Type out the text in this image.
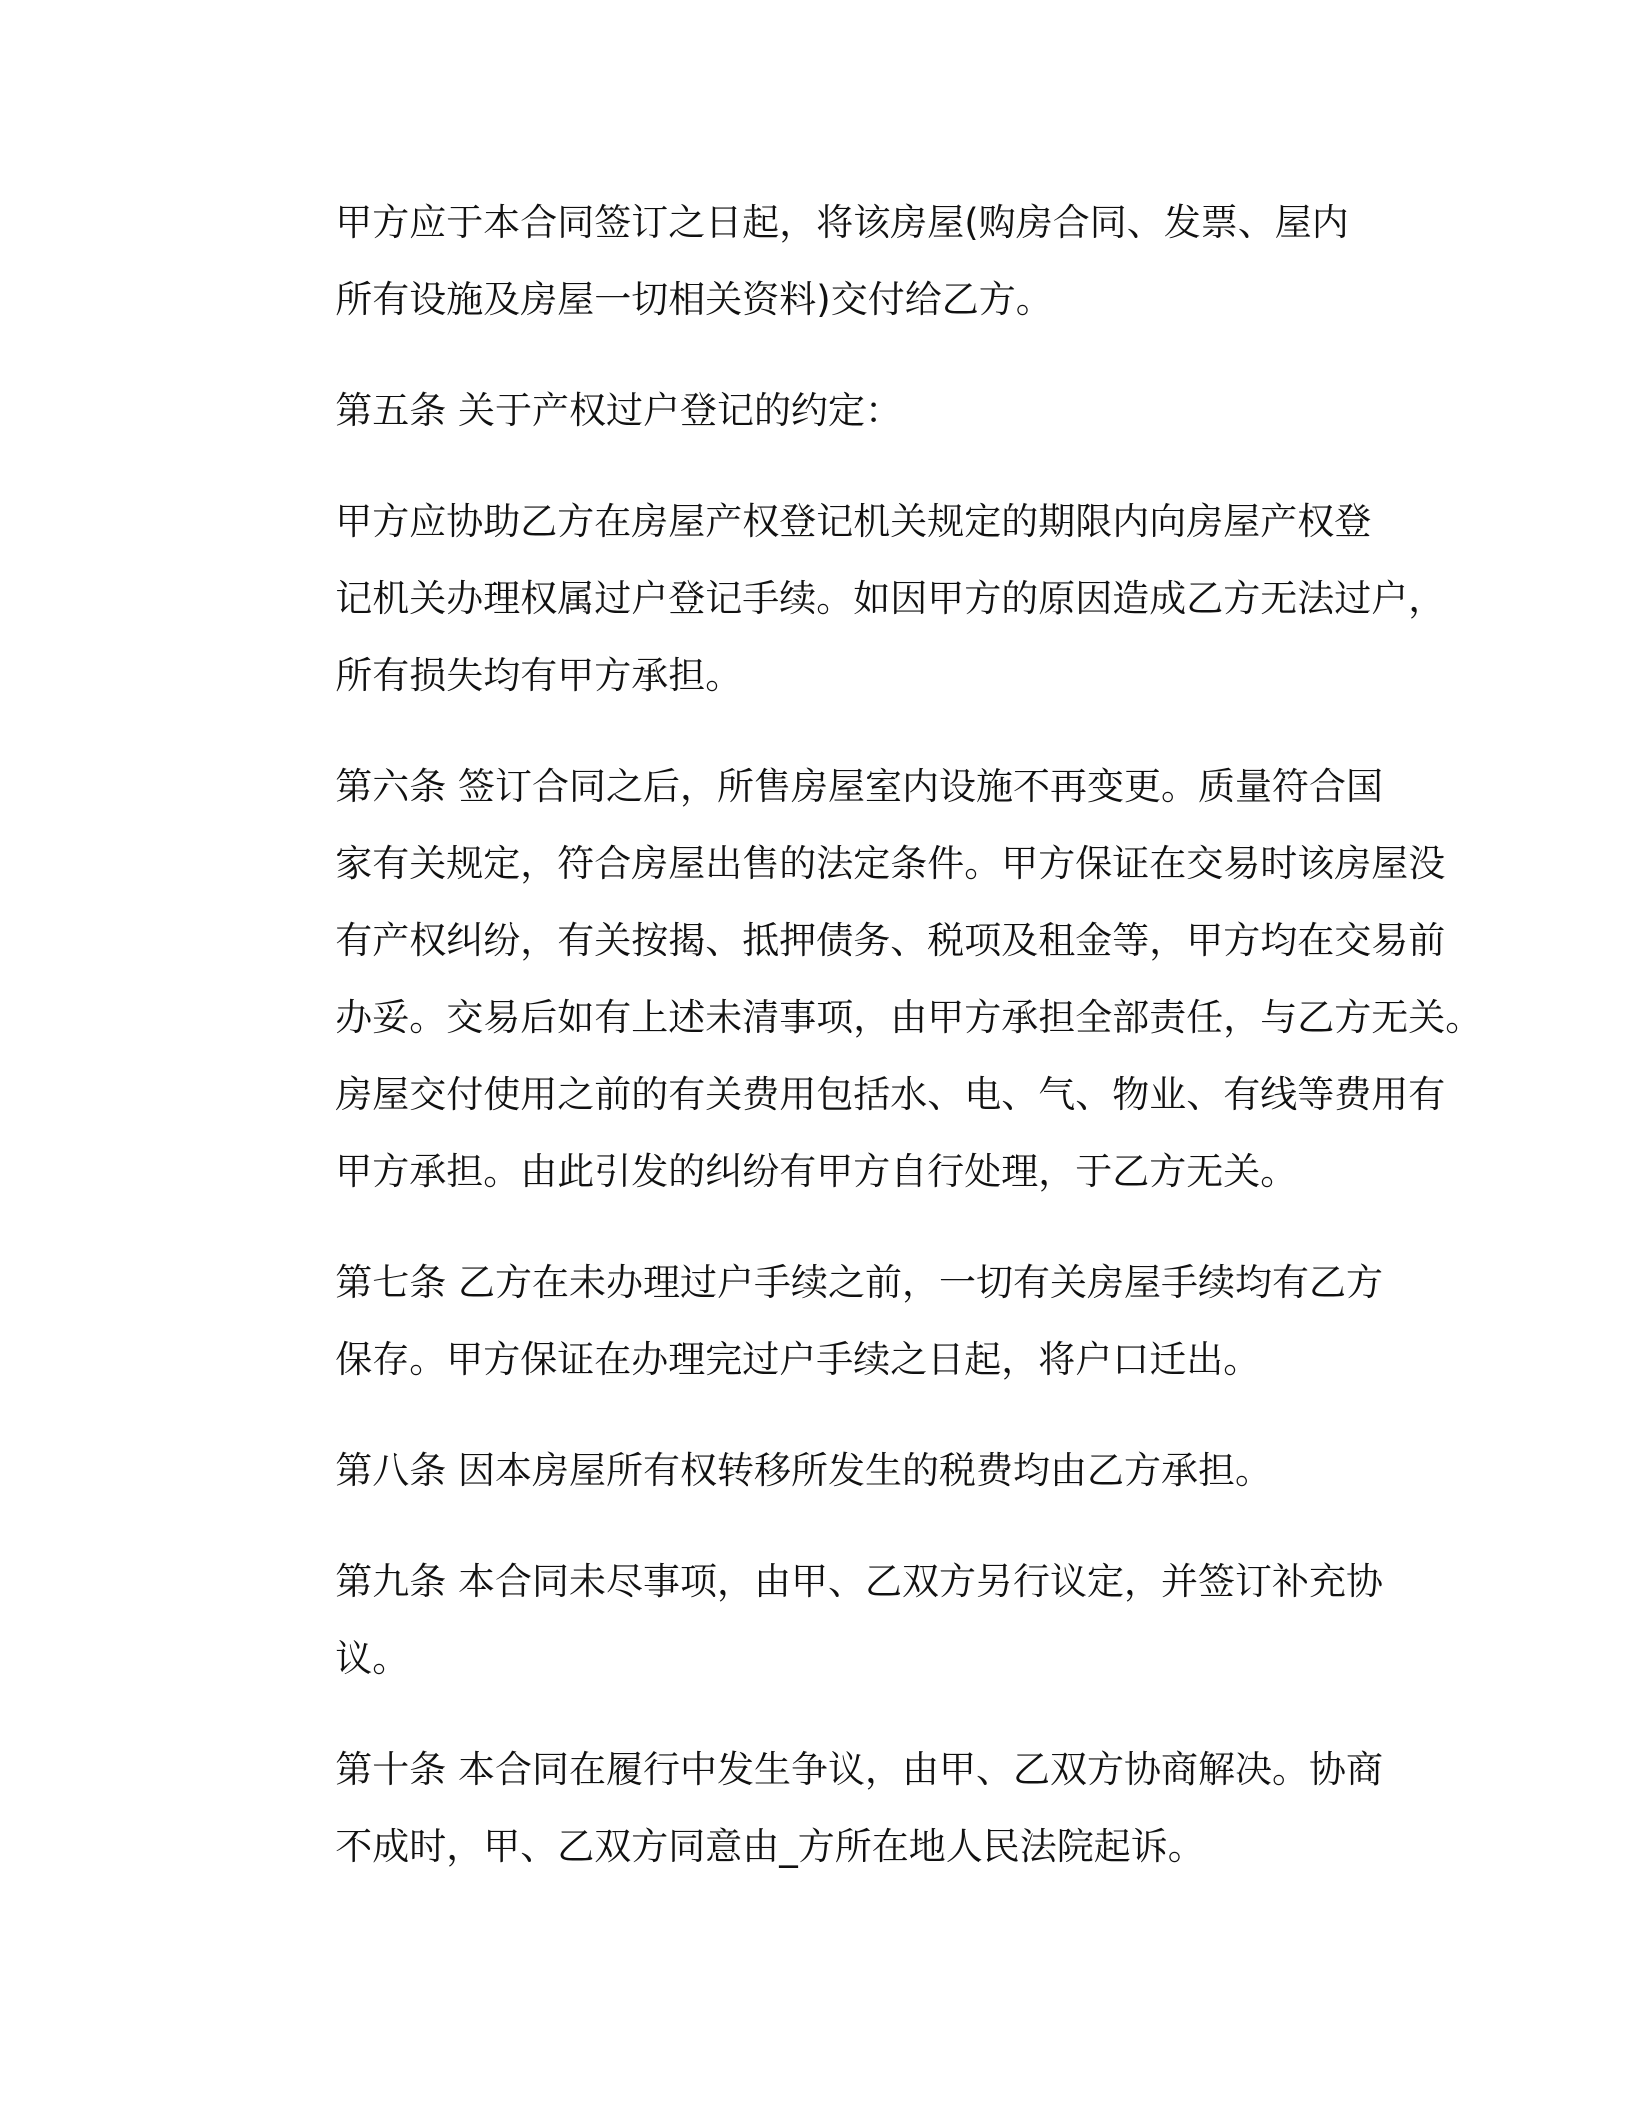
甲方应于本合同签订之日起，将该房屋(购房合同、发票、屋内
所有设施及房屋一切相关资料)交付给乙方。

第五条 关于产权过户登记的约定：

甲方应协助乙方在房屋产权登记机关规定的期限内向房屋产权登
记机关办理权属过户登记手续。如因甲方的原因造成乙方无法过户，
所有损失均有甲方承担。

第六条 签订合同之后，所售房屋室内设施不再变更。质量符合国
家有关规定，符合房屋出售的法定条件。甲方保证在交易时该房屋没
有产权纠纷，有关按揭、抵押债务、税项及租金等，甲方均在交易前
办妥。交易后如有上述未清事项，由甲方承担全部责任，与乙方无关。
房屋交付使用之前的有关费用包括水、电、气、物业、有线等费用有
甲方承担。由此引发的纠纷有甲方自行处理，于乙方无关。

第七条 乙方在未办理过户手续之前，一切有关房屋手续均有乙方
保存。甲方保证在办理完过户手续之日起，将户口迁出。

第八条 因本房屋所有权转移所发生的税费均由乙方承担。

第九条 本合同未尽事项，由甲、乙双方另行议定，并签订补充协
议。

第十条 本合同在履行中发生争议，由甲、乙双方协商解决。协商
不成时，甲、乙双方同意由_方所在地人民法院起诉。
